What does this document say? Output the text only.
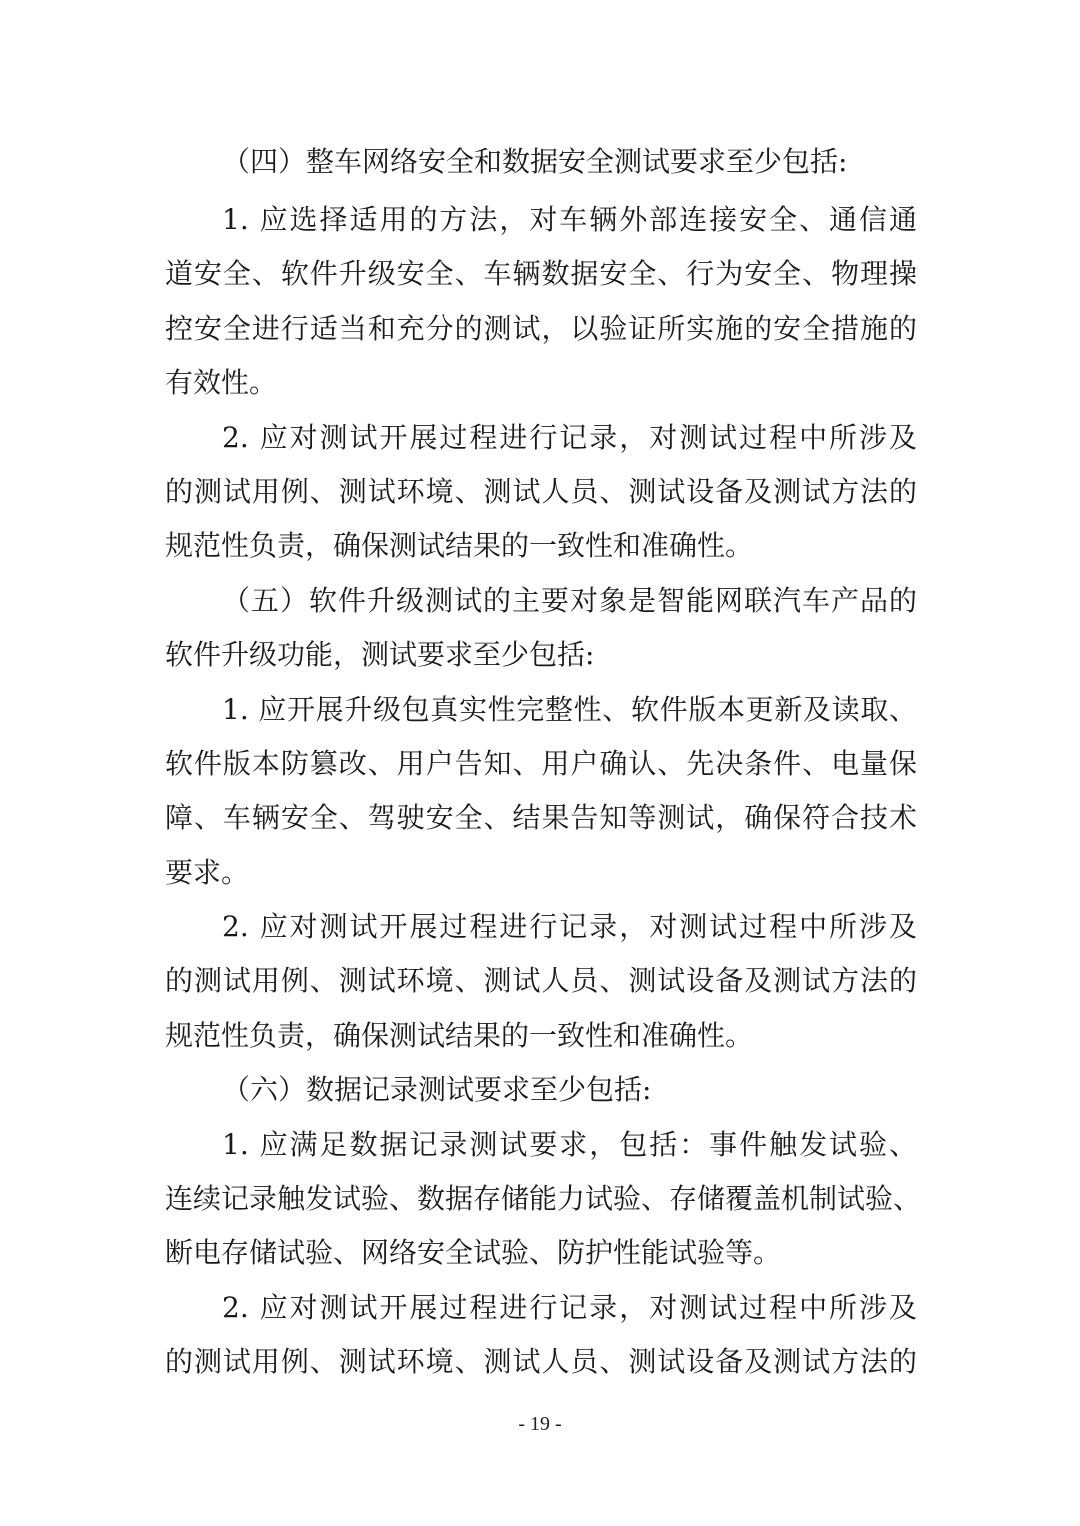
（四）整车网络安全和数据安全测试要求至少包括:
1. 应选择适用的方法，对车辆外部连接安全、通信通
道安全、软件升级安全、车辆数据安全、行为安全、物理操
控安全进行适当和充分的测试，以验证所实施的安全措施的
有效性。
2. 应对测试开展过程进行记录，对测试过程中所涉及
的测试用例、测试环境、测试人员、测试设备及测试方法的
规范性负责，确保测试结果的一致性和准确性。
（五）软件升级测试的主要对象是智能网联汽车产品的
软件升级功能，测试要求至少包括:
1. 应开展升级包真实性完整性、软件版本更新及读取、
软件版本防篡改、用户告知、用户确认、先决条件、电量保
障、车辆安全、驾驶安全、结果告知等测试，确保符合技术
要求。
2. 应对测试开展过程进行记录，对测试过程中所涉及
的测试用例、测试环境、测试人员、测试设备及测试方法的
规范性负责，确保测试结果的一致性和准确性。
（六）数据记录测试要求至少包括:
1. 应满足数据记录测试要求，包括：事件触发试验、
连续记录触发试验、数据存储能力试验、存储覆盖机制试验、
断电存储试验、网络安全试验、防护性能试验等。
2. 应对测试开展过程进行记录，对测试过程中所涉及
的测试用例、测试环境、测试人员、测试设备及测试方法的
- 19 -
